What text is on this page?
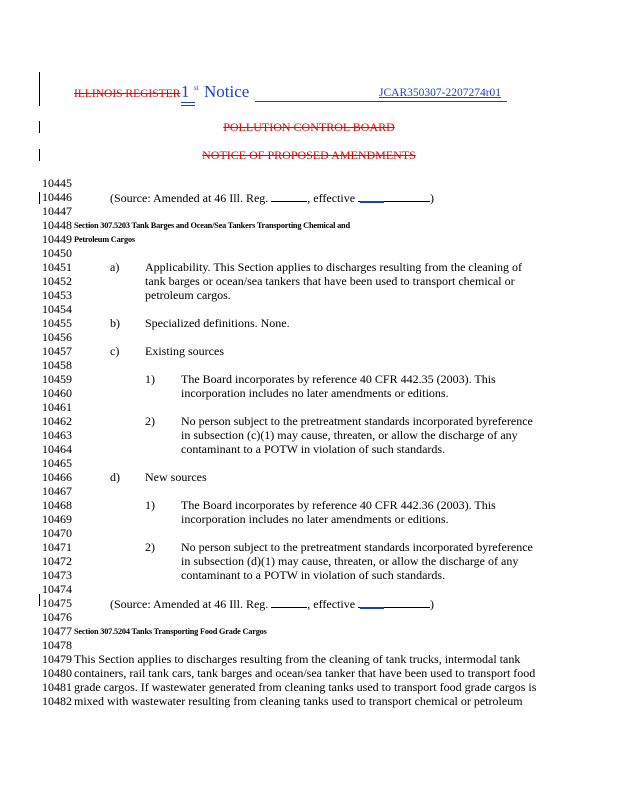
ILLINOIS REGISTER 1 st Notice	JCAR350307-2207274r01
POLLUTION CONTROL BOARD
NOTICE OF PROPOSED AMENDMENTS
10445
10446
10447
10448
10449
10450
10451
10452
10453
10454
10455
10456
10457
10458
10459
10460
10461
10462
10463
10464
10465
10466
10467
10468
10469
10470
10471
10472
10473
10474
10475
10476
10477
10478
10479
10480
10481
10482
(Source: Amended at 46 Ill. Reg.	, effective	)
Section 307.5203 Tank Barges and Ocean/Sea Tankers Transporting Chemical and
Petroleum Cargos
a) Applicability. This Section applies to discharges resulting from the cleaning of
tank barges or ocean/sea tankers that have been used to transport chemical or
petroleum cargos.
b) Specialized definitions. None.
c) Existing sources
1) The Board incorporates by reference 40 CFR 442.35 (2003). This
incorporation includes no later amendments or editions.
2) No person subject to the pretreatment standards incorporated byreference
in subsection (c)(1) may cause, threaten, or allow the discharge of any
contaminant to a POTW in violation of such standards.
d) New sources
1) The Board incorporates by reference 40 CFR 442.36 (2003). This
incorporation includes no later amendments or editions.
2) No person subject to the pretreatment standards incorporated byreference
in subsection (d)(1) may cause, threaten, or allow the discharge of any
contaminant to a POTW in violation of such standards.
(Source: Amended at 46 Ill. Reg.	, effective	)
Section 307.5204 Tanks Transporting Food Grade Cargos
This Section applies to discharges resulting from the cleaning of tank trucks, intermodal tank
containers, rail tank cars, tank barges and ocean/sea tanker that have been used to transport food
grade cargos. If wastewater generated from cleaning tanks used to transport food grade cargos is
mixed with wastewater resulting from cleaning tanks used to transport chemical or petroleum
